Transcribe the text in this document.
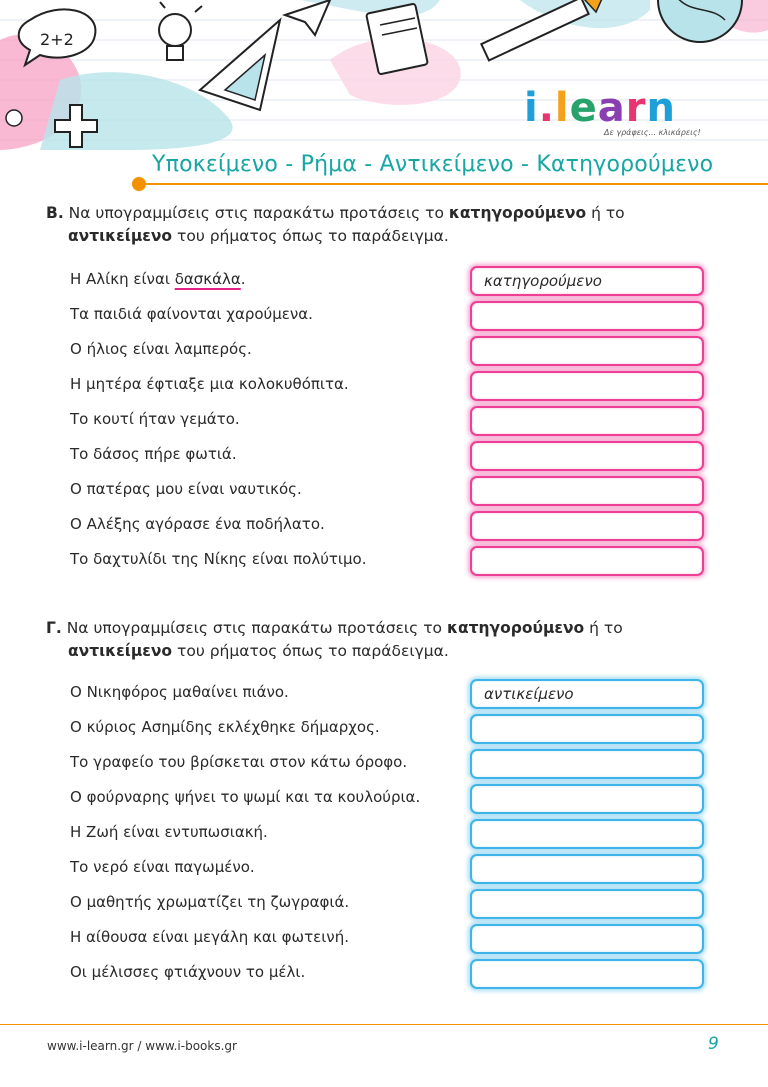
2+2
i.learn
Δε γράφεις... κλικάρεις!
Υποκείμενο - Ρήμα - Αντικείμενο - Κατηγορούμενο
Β. Να υπογραμμίσεις στις παρακάτω προτάσεις το κατηγορούμενο ή το
αντικείμενο του ρήματος όπως το παράδειγμα.
Η Αλίκη είναι δασκάλα.	κατηγορούμενο
Τα παιδιά φαίνονται χαρούμενα.
Ο ήλιος είναι λαμπερός.
Η μητέρα έφτιαξε μια κολοκυθόπιτα.
Το κουτί ήταν γεμάτο.
Το δάσος πήρε φωτιά.
Ο πατέρας μου είναι ναυτικός.
Ο Αλέξης αγόρασε ένα ποδήλατο.
Το δαχτυλίδι της Νίκης είναι πολύτιμο.
Γ. Να υπογραμμίσεις στις παρακάτω προτάσεις το κατηγορούμενο ή το
αντικείμενο του ρήματος όπως το παράδειγμα.
Ο Νικηφόρος μαθαίνει πιάνο.	αντικείμενο
Ο κύριος Ασημίδης εκλέχθηκε δήμαρχος.
Το γραφείο του βρίσκεται στον κάτω όροφο.
Ο φούρναρης ψήνει το ψωμί και τα κουλούρια.
Η Ζωή είναι εντυπωσιακή.
Το νερό είναι παγωμένο.
Ο μαθητής χρωματίζει τη ζωγραφιά.
Η αίθουσα είναι μεγάλη και φωτεινή.
Οι μέλισσες φτιάχνουν το μέλι.
www.i-learn.gr / www.i-books.gr	9
